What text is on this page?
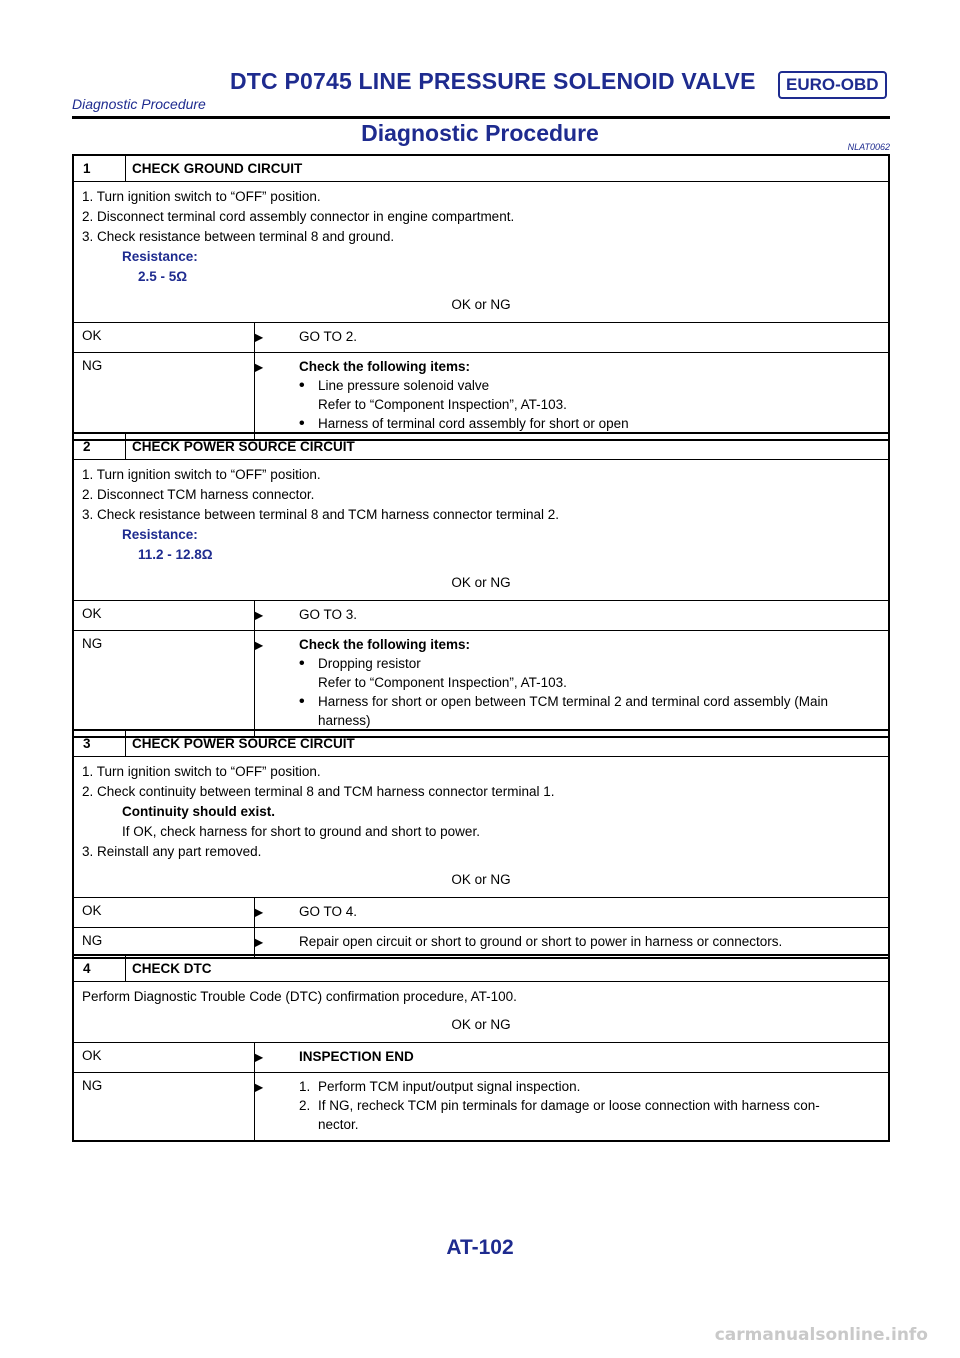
DTC P0745 LINE PRESSURE SOLENOID VALVE	EURO-OBD
Diagnostic Procedure
Diagnostic Procedure
NLAT0062
1	CHECK GROUND CIRCUIT
1. Turn ignition switch to “OFF” position.
2. Disconnect terminal cord assembly connector in engine compartment.
3. Check resistance between terminal 8 and ground.
Resistance:
2.5 - 5Ω
OK or NG
OK	▶	GO TO 2.
NG	▶	Check the following items:
• Line pressure solenoid valve
Refer to “Component Inspection”, AT-103.
• Harness of terminal cord assembly for short or open
2	CHECK POWER SOURCE CIRCUIT
1. Turn ignition switch to “OFF” position.
2. Disconnect TCM harness connector.
3. Check resistance between terminal 8 and TCM harness connector terminal 2.
Resistance:
11.2 - 12.8Ω
OK or NG
OK	▶	GO TO 3.
NG	▶	Check the following items:
• Dropping resistor
Refer to “Component Inspection”, AT-103.
• Harness for short or open between TCM terminal 2 and terminal cord assembly (Main
harness)
3	CHECK POWER SOURCE CIRCUIT
1. Turn ignition switch to “OFF” position.
2. Check continuity between terminal 8 and TCM harness connector terminal 1.
Continuity should exist.
If OK, check harness for short to ground and short to power.
3. Reinstall any part removed.
OK or NG
OK	▶	GO TO 4.
NG	▶	Repair open circuit or short to ground or short to power in harness or connectors.
4	CHECK DTC
Perform Diagnostic Trouble Code (DTC) confirmation procedure, AT-100.
OK or NG
OK	▶	INSPECTION END
NG	▶	1. Perform TCM input/output signal inspection.
2. If NG, recheck TCM pin terminals for damage or loose connection with harness con-
nector.
AT-102
carmanualsonline.info
